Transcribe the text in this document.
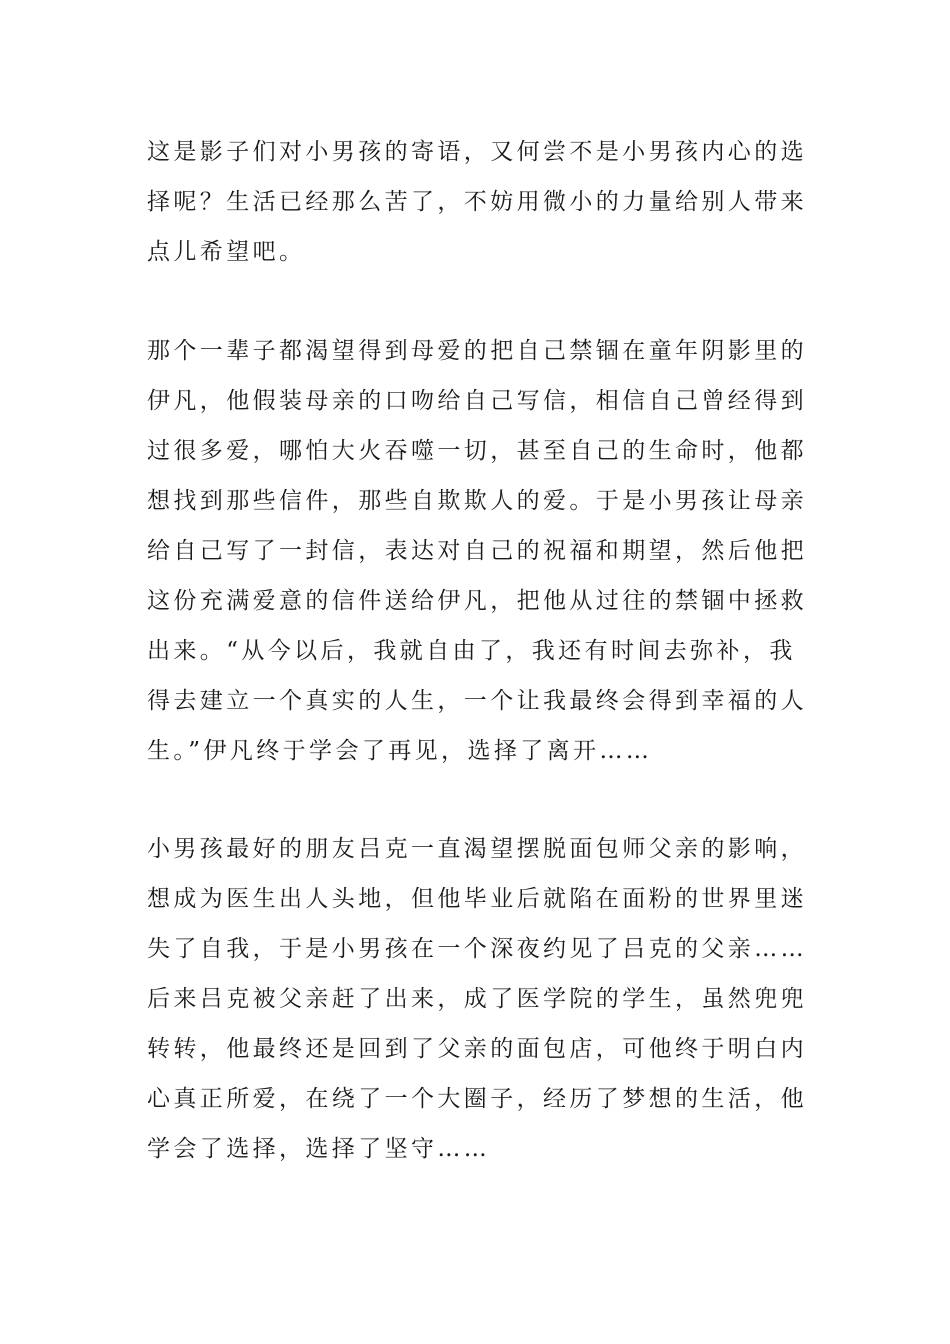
这是影子们对小男孩的寄语，又何尝不是小男孩内心的选
择呢？生活已经那么苦了，不妨用微小的力量给别人带来
点儿希望吧。
那个一辈子都渴望得到母爱的把自己禁锢在童年阴影里的
伊凡，他假装母亲的口吻给自己写信，相信自己曾经得到
过很多爱，哪怕大火吞噬一切，甚至自己的生命时，他都
想找到那些信件，那些自欺欺人的爱。于是小男孩让母亲
给自己写了一封信，表达对自己的祝福和期望，然后他把
这份充满爱意的信件送给伊凡，把他从过往的禁锢中拯救
出来。“从今以后，我就自由了，我还有时间去弥补，我
得去建立一个真实的人生，一个让我最终会得到幸福的人
生。”伊凡终于学会了再见，选择了离开……
小男孩最好的朋友吕克一直渴望摆脱面包师父亲的影响，
想成为医生出人头地，但他毕业后就陷在面粉的世界里迷
失了自我，于是小男孩在一个深夜约见了吕克的父亲……
后来吕克被父亲赶了出来，成了医学院的学生，虽然兜兜
转转，他最终还是回到了父亲的面包店，可他终于明白内
心真正所爱，在绕了一个大圈子，经历了梦想的生活，他
学会了选择，选择了坚守……
